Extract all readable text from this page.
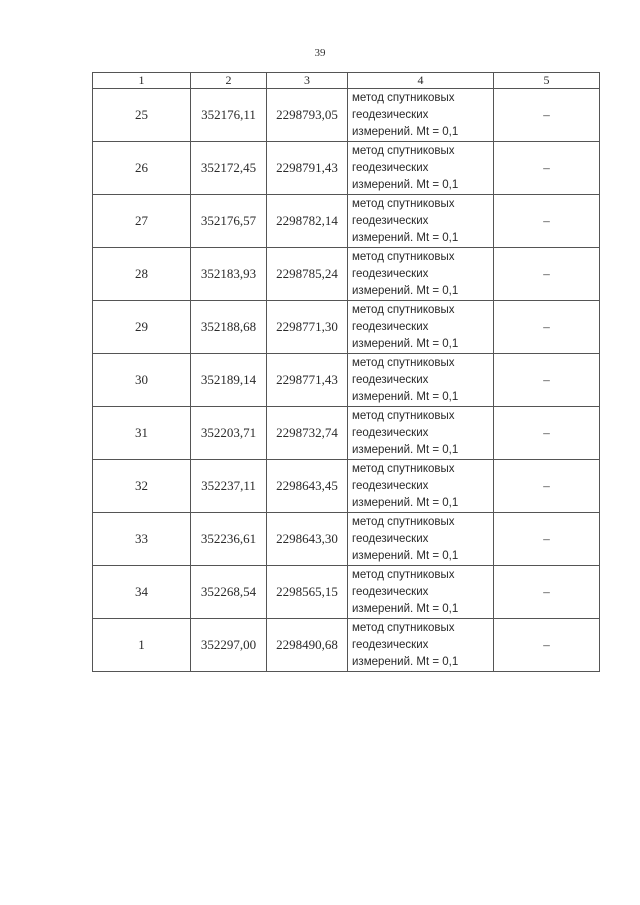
39
1	2	3	4	5
25	352176,11	2298793,05	метод спутниковых
геодезических
измерений. Mt = 0,1	–
26	352172,45	2298791,43	метод спутниковых
геодезических
измерений. Mt = 0,1	–
27	352176,57	2298782,14	метод спутниковых
геодезических
измерений. Mt = 0,1	–
28	352183,93	2298785,24	метод спутниковых
геодезических
измерений. Mt = 0,1	–
29	352188,68	2298771,30	метод спутниковых
геодезических
измерений. Mt = 0,1	–
30	352189,14	2298771,43	метод спутниковых
геодезических
измерений. Mt = 0,1	–
31	352203,71	2298732,74	метод спутниковых
геодезических
измерений. Mt = 0,1	–
32	352237,11	2298643,45	метод спутниковых
геодезических
измерений. Mt = 0,1	–
33	352236,61	2298643,30	метод спутниковых
геодезических
измерений. Mt = 0,1	–
34	352268,54	2298565,15	метод спутниковых
геодезических
измерений. Mt = 0,1	–
1	352297,00	2298490,68	метод спутниковых
геодезических
измерений. Mt = 0,1	–
